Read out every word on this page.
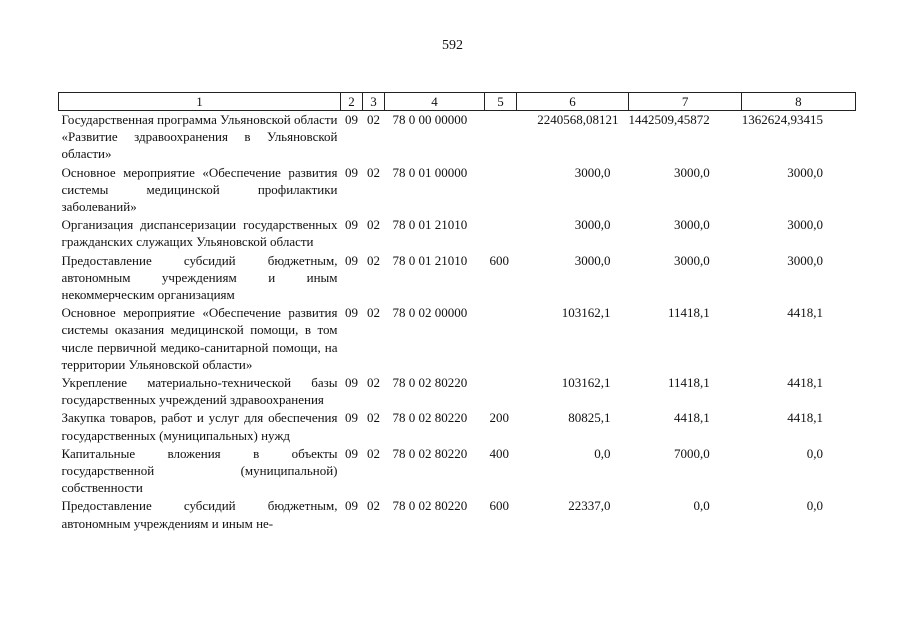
592
1	2	3	4	5	6	7	8
Государственная программа Ульяновской области «Развитие здравоохранения в Ульяновской области»	09	02	78 0 00 00000		2240568,08121	1442509,45872	1362624,93415
Основное мероприятие «Обеспечение развития системы медицинской профилактики заболеваний»	09	02	78 0 01 00000		3000,0	3000,0	3000,0
Организация диспансеризации государственных гражданских служащих Ульяновской области	09	02	78 0 01 21010		3000,0	3000,0	3000,0
Предоставление субсидий бюджетным, автономным учреждениям и иным некоммерческим организациям	09	02	78 0 01 21010	600	3000,0	3000,0	3000,0
Основное мероприятие «Обеспечение развития системы оказания медицинской помощи, в том числе первичной медико-санитарной помощи, на территории Ульяновской области»	09	02	78 0 02 00000		103162,1	11418,1	4418,1
Укрепление материально-технической базы государственных учреждений здравоохранения	09	02	78 0 02 80220		103162,1	11418,1	4418,1
Закупка товаров, работ и услуг для обеспечения государственных (муниципальных) нужд	09	02	78 0 02 80220	200	80825,1	4418,1	4418,1
Капитальные вложения в объекты государственной (муниципальной) собственности	09	02	78 0 02 80220	400	0,0	7000,0	0,0
Предоставление субсидий бюджетным, автономным учреждениям и иным не-	09	02	78 0 02 80220	600	22337,0	0,0	0,0
